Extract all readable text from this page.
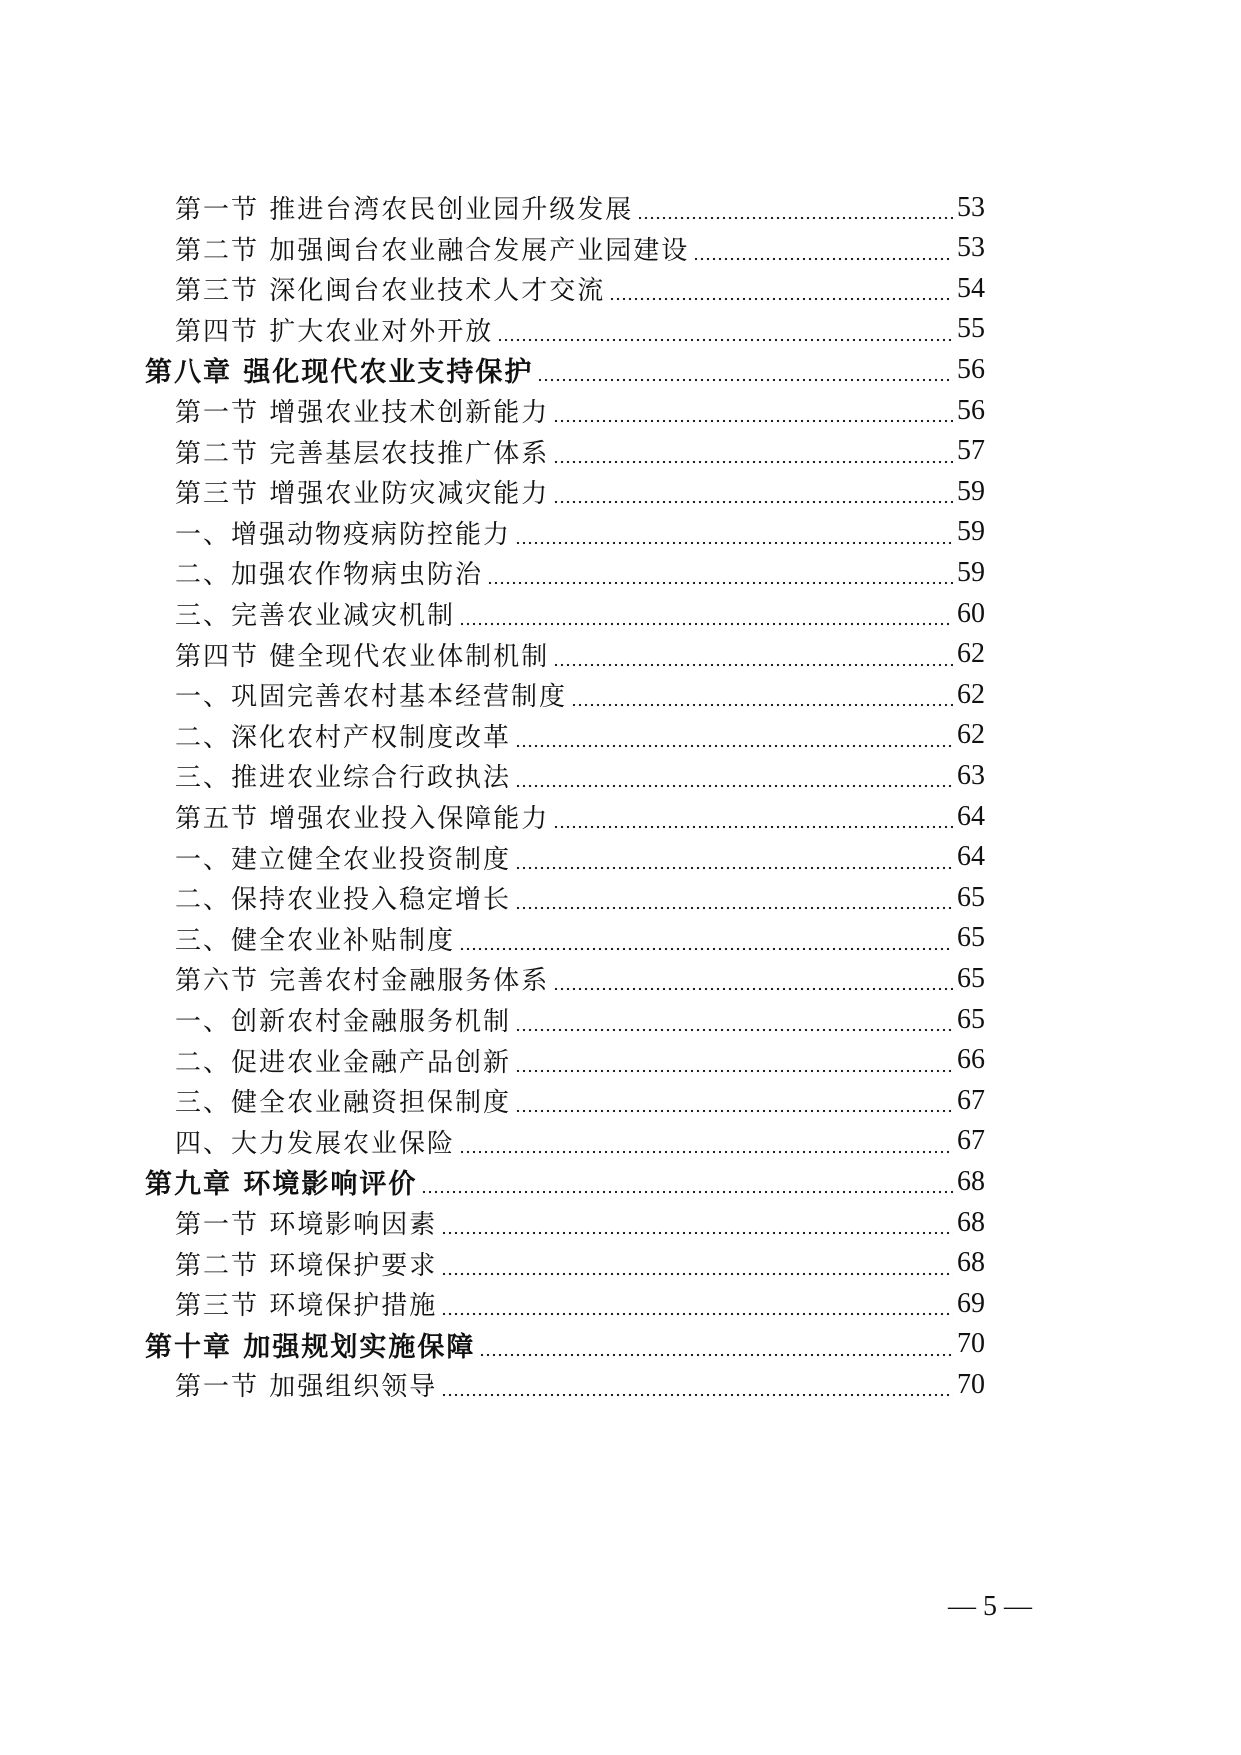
第一节 推进台湾农民创业园升级发展	53
第二节 加强闽台农业融合发展产业园建设	53
第三节 深化闽台农业技术人才交流	54
第四节 扩大农业对外开放	55
第八章 强化现代农业支持保护	56
第一节 增强农业技术创新能力	56
第二节 完善基层农技推广体系	57
第三节 增强农业防灾减灾能力	59
一、增强动物疫病防控能力	59
二、加强农作物病虫防治	59
三、完善农业减灾机制	60
第四节 健全现代农业体制机制	62
一、巩固完善农村基本经营制度	62
二、深化农村产权制度改革	62
三、推进农业综合行政执法	63
第五节 增强农业投入保障能力	64
一、建立健全农业投资制度	64
二、保持农业投入稳定增长	65
三、健全农业补贴制度	65
第六节 完善农村金融服务体系	65
一、创新农村金融服务机制	65
二、促进农业金融产品创新	66
三、健全农业融资担保制度	67
四、大力发展农业保险	67
第九章 环境影响评价	68
第一节 环境影响因素	68
第二节 环境保护要求	68
第三节 环境保护措施	69
第十章 加强规划实施保障	70
第一节 加强组织领导	70
— 5 —
